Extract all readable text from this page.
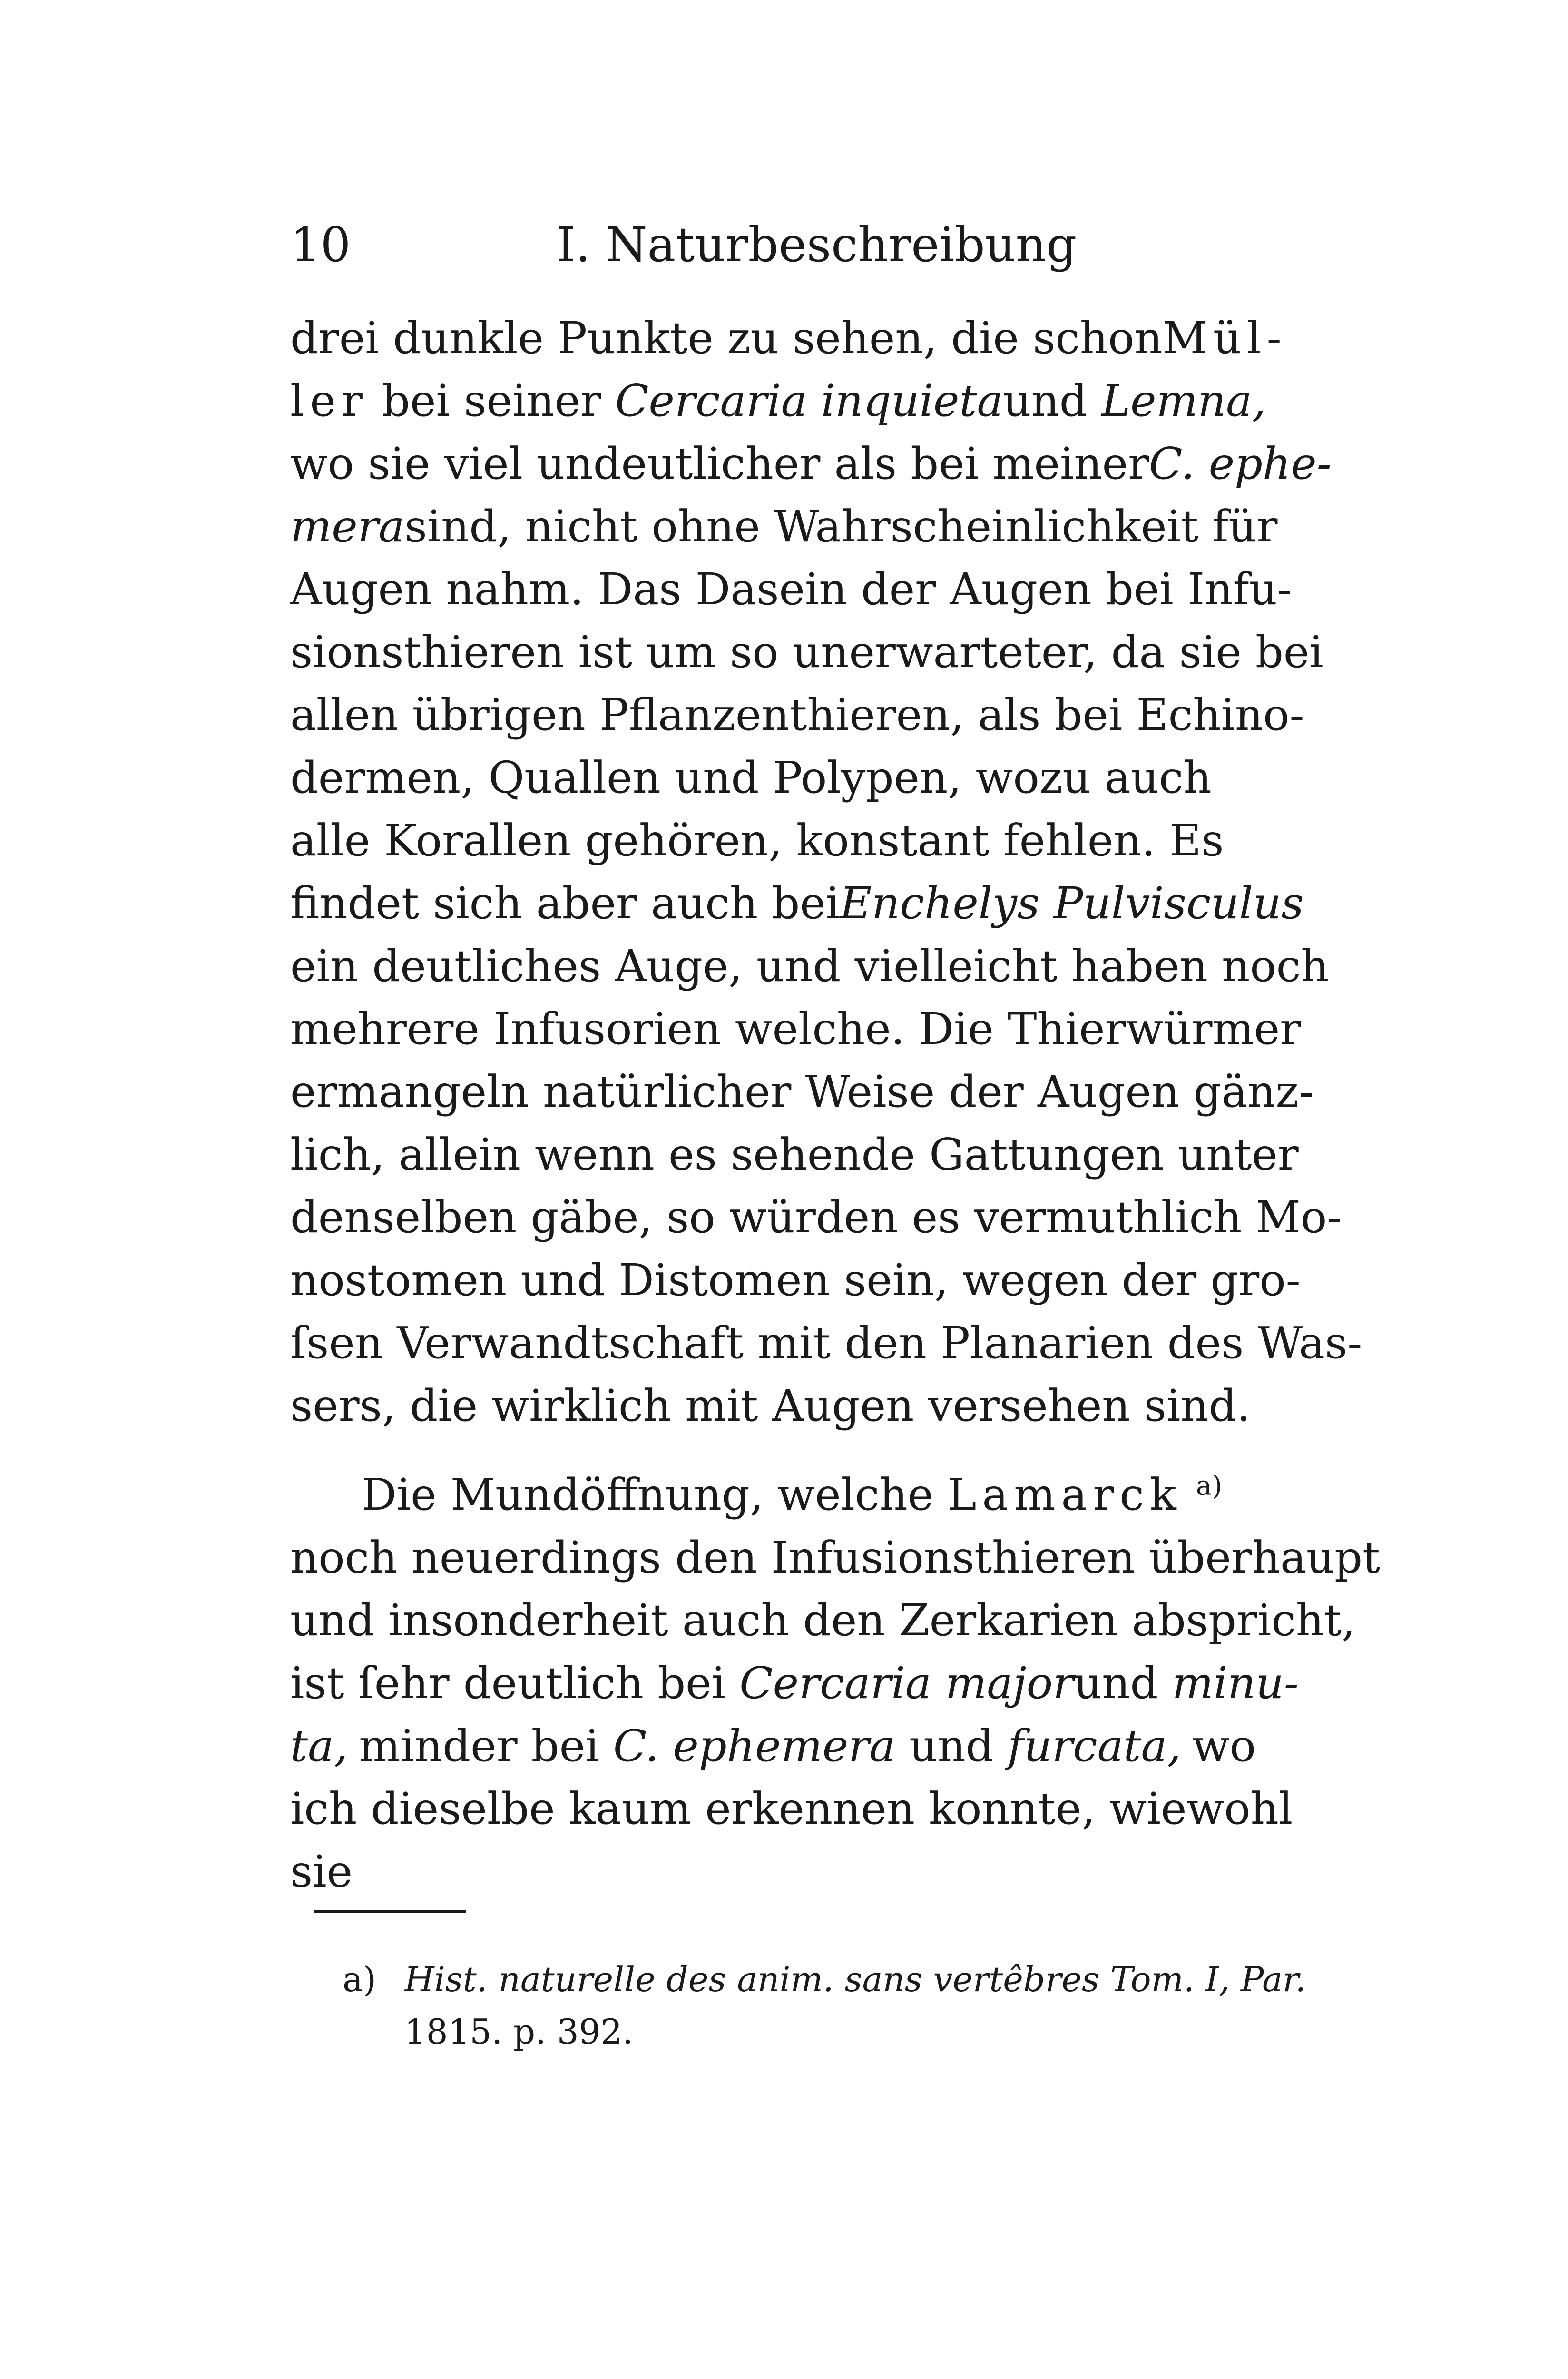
10	I. Naturbeschreibung
drei dunkle Punkte zu sehen, die schon Mül-
ler bei seiner Cercaria inquieta und Lemna,
wo sie viel undeutlicher als bei meiner C. ephe-
mera sind, nicht ohne Wahrscheinlichkeit für
Augen nahm. Das Dasein der Augen bei Infu-
sionsthieren ist um so unerwarteter, da sie bei
allen übrigen Pflanzenthieren, als bei Echino-
dermen, Quallen und Polypen, wozu auch
alle Korallen gehören, konstant fehlen. Es
findet sich aber auch bei Enchelys Pulvisculus
ein deutliches Auge, und vielleicht haben noch
mehrere Infusorien welche. Die Thierwürmer
ermangeln natürlicher Weise der Augen gänz-
lich, allein wenn es sehende Gattungen unter
denselben gäbe, so würden es vermuthlich Mo-
nostomen und Distomen sein, wegen der gro-
ſsen Verwandtschaft mit den Planarien des Was-
sers, die wirklich mit Augen versehen sind.
Die Mundöffnung, welche Lamarck $^{a)}$
noch neuerdings den Infusionsthieren überhaupt
und insonderheit auch den Zerkarien abspricht,
ist ſehr deutlich bei Cercaria major und minu-
ta, minder bei C. ephemera und furcata, wo
ich dieselbe kaum erkennen konnte, wiewohl
sie
a) Hist. naturelle des anim. sans vertêbres Tom. I, Par.
1815. p. 392.
